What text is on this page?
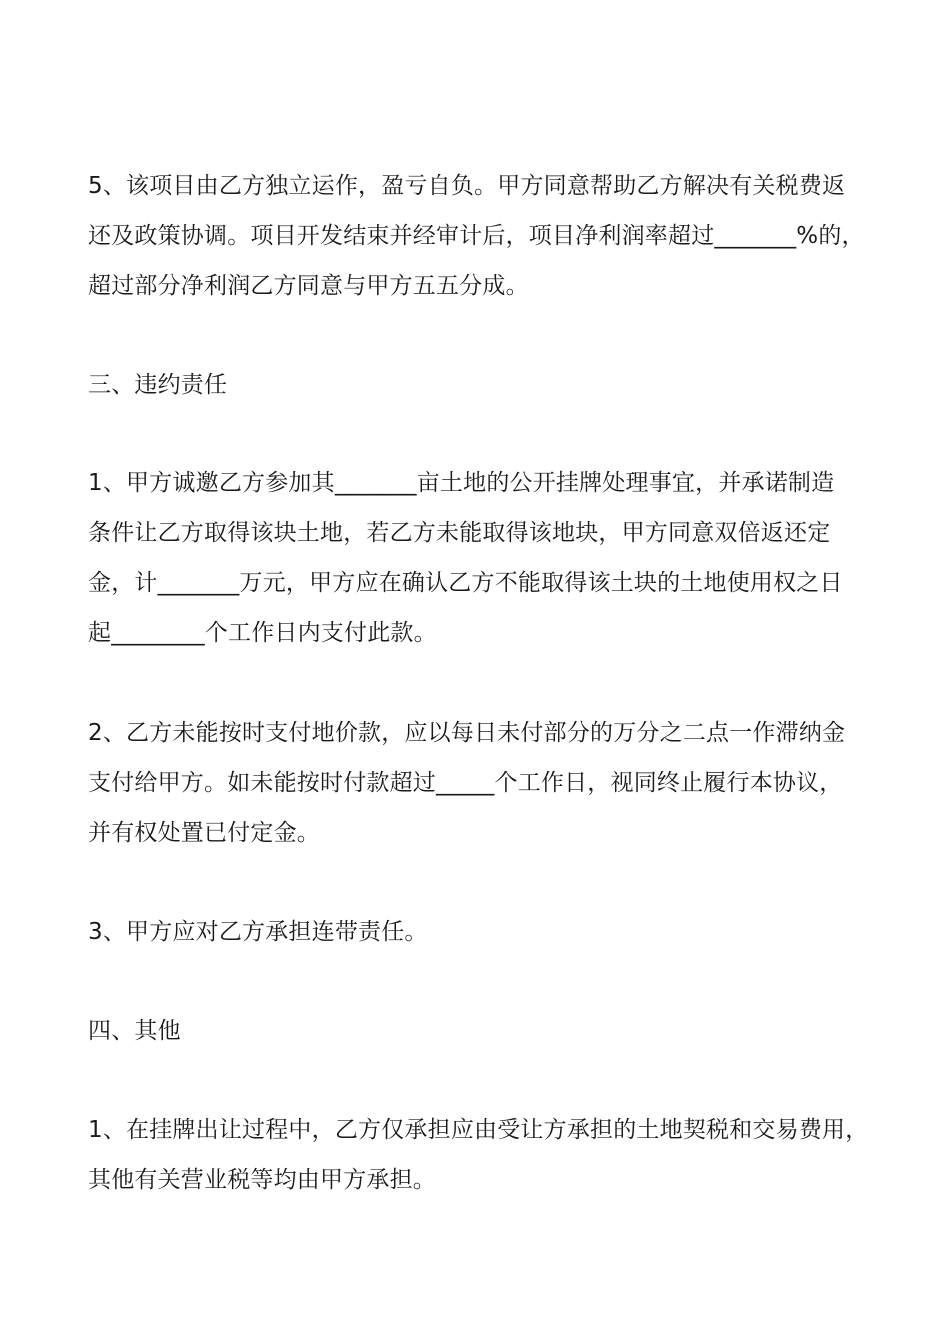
5、该项目由乙方独立运作，盈亏自负。甲方同意帮助乙方解决有关税费返
还及政策协调。项目开发结束并经审计后，项目净利润率超过_______%的，
超过部分净利润乙方同意与甲方五五分成。
三、违约责任
1、甲方诚邀乙方参加其_______亩土地的公开挂牌处理事宜，并承诺制造
条件让乙方取得该块土地，若乙方未能取得该地块，甲方同意双倍返还定
金，计_______万元，甲方应在确认乙方不能取得该土块的土地使用权之日
起________个工作日内支付此款。
2、乙方未能按时支付地价款，应以每日未付部分的万分之二点一作滞纳金
支付给甲方。如未能按时付款超过_____个工作日，视同终止履行本协议，
并有权处置已付定金。
3、甲方应对乙方承担连带责任。
四、其他
1、在挂牌出让过程中，乙方仅承担应由受让方承担的土地契税和交易费用，
其他有关营业税等均由甲方承担。
